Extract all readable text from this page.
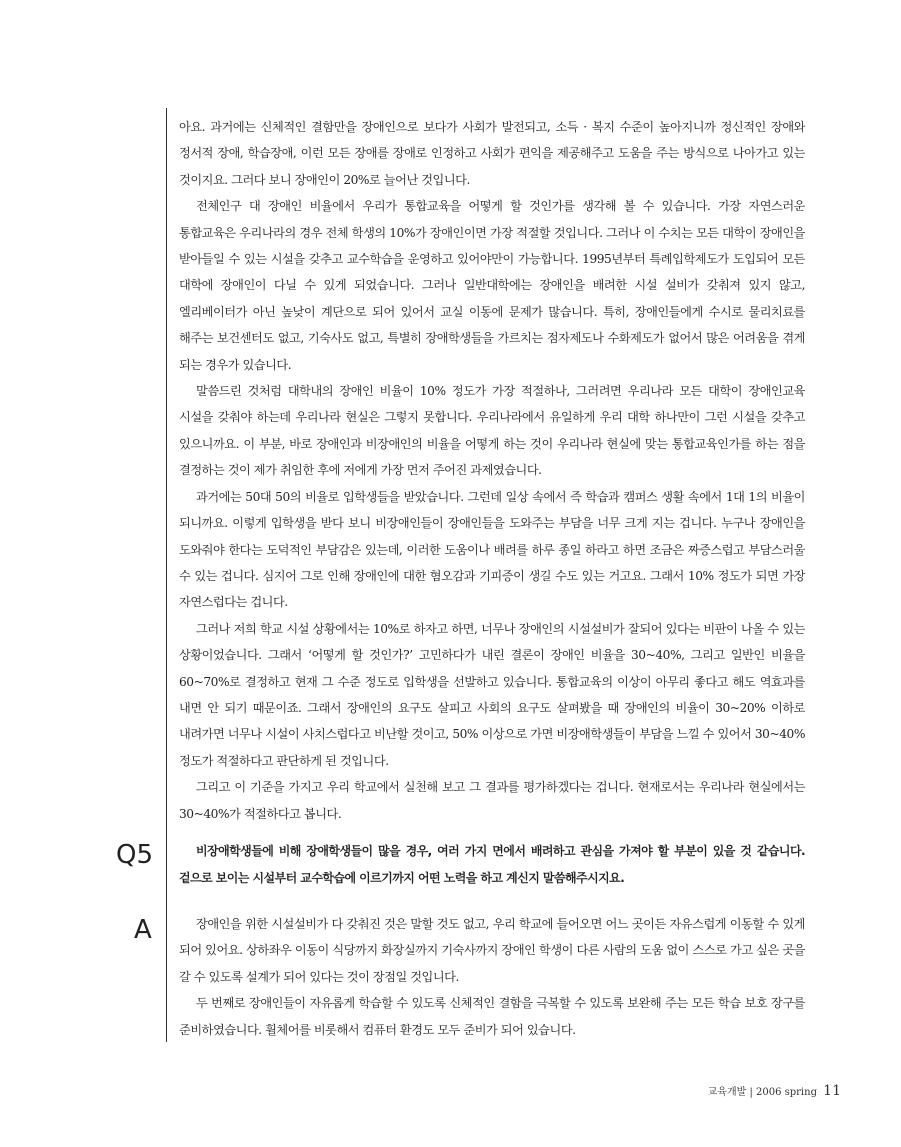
아요. 과거에는 신체적인 결함만을 장애인으로 보다가 사회가 발전되고, 소득 · 복지 수준이 높아지니까 정신적인 장애와 정서적 장애, 학습장애, 이런 모든 장애를 장애로 인정하고 사회가 편익을 제공해주고 도움을 주는 방식으로 나아가고 있는 것이지요. 그러다 보니 장애인이 20%로 늘어난 것입니다.

전체인구 대 장애인 비율에서 우리가 통합교육을 어떻게 할 것인가를 생각해 볼 수 있습니다. 가장 자연스러운 통합교육은 우리나라의 경우 전체 학생의 10%가 장애인이면 가장 적절할 것입니다. 그러나 이 수치는 모든 대학이 장애인을 받아들일 수 있는 시설을 갖추고 교수학습을 운영하고 있어야만이 가능합니다. 1995년부터 특례입학제도가 도입되어 모든 대학에 장애인이 다닐 수 있게 되었습니다. 그러나 일반대학에는 장애인을 배려한 시설 설비가 갖춰져 있지 않고, 엘리베이터가 아닌 높낮이 계단으로 되어 있어서 교실 이동에 문제가 많습니다. 특히, 장애인들에게 수시로 물리치료를 해주는 보건센터도 없고, 기숙사도 없고, 특별히 장애학생들을 가르치는 점자제도나 수화제도가 없어서 많은 어려움을 겪게 되는 경우가 있습니다.

말씀드린 것처럼 대학내의 장애인 비율이 10% 정도가 가장 적절하나, 그러려면 우리나라 모든 대학이 장애인교육 시설을 갖춰야 하는데 우리나라 현실은 그렇지 못합니다. 우리나라에서 유일하게 우리 대학 하나만이 그런 시설을 갖추고 있으니까요. 이 부분, 바로 장애인과 비장애인의 비율을 어떻게 하는 것이 우리나라 현실에 맞는 통합교육인가를 하는 점을 결정하는 것이 제가 취임한 후에 저에게 가장 먼저 주어진 과제였습니다.

과거에는 50대 50의 비율로 입학생들을 받았습니다. 그런데 일상 속에서 즉 학습과 캠퍼스 생활 속에서 1대 1의 비율이 되니까요. 이렇게 입학생을 받다 보니 비장애인들이 장애인들을 도와주는 부담을 너무 크게 지는 겁니다. 누구나 장애인을 도와줘야 한다는 도덕적인 부담감은 있는데, 이러한 도움이나 배려를 하루 종일 하라고 하면 조금은 짜증스럽고 부담스러울 수 있는 겁니다. 심지어 그로 인해 장애인에 대한 혐오감과 기피증이 생길 수도 있는 거고요. 그래서 10% 정도가 되면 가장 자연스럽다는 겁니다.

그러나 저희 학교 시설 상황에서는 10%로 하자고 하면, 너무나 장애인의 시설설비가 잘되어 있다는 비판이 나올 수 있는 상황이었습니다. 그래서 ‘어떻게 할 것인가?’ 고민하다가 내린 결론이 장애인 비율을 30~40%, 그리고 일반인 비율을 60~70%로 결정하고 현재 그 수준 정도로 입학생을 선발하고 있습니다. 통합교육의 이상이 아무리 좋다고 해도 역효과를 내면 안 되기 때문이죠. 그래서 장애인의 요구도 살피고 사회의 요구도 살펴봤을 때 장애인의 비율이 30~20% 이하로 내려가면 너무나 시설이 사치스럽다고 비난할 것이고, 50% 이상으로 가면 비장애학생들이 부담을 느낄 수 있어서 30~40% 정도가 적절하다고 판단하게 된 것입니다.

그리고 이 기준을 가지고 우리 학교에서 실천해 보고 그 결과를 평가하겠다는 겁니다. 현재로서는 우리나라 현실에서는 30~40%가 적절하다고 봅니다.

Q5	비장애학생들에 비해 장애학생들이 많을 경우, 여러 가지 면에서 배려하고 관심을 가져야 할 부분이 있을 것 같습니다. 겉으로 보이는 시설부터 교수학습에 이르기까지 어떤 노력을 하고 계신지 말씀해주시지요.

A	장애인을 위한 시설설비가 다 갖춰진 것은 말할 것도 없고, 우리 학교에 들어오면 어느 곳이든 자유스럽게 이동할 수 있게 되어 있어요. 상하좌우 이동이 식당까지 화장실까지 기숙사까지 장애인 학생이 다른 사람의 도움 없이 스스로 가고 싶은 곳을 갈 수 있도록 설계가 되어 있다는 것이 장점일 것입니다.

두 번째로 장애인들이 자유롭게 학습할 수 있도록 신체적인 결함을 극복할 수 있도록 보완해 주는 모든 학습 보호 장구를 준비하였습니다. 휠체어를 비롯해서 컴퓨터 환경도 모두 준비가 되어 있습니다.

교육개발 | 2006 spring 11
